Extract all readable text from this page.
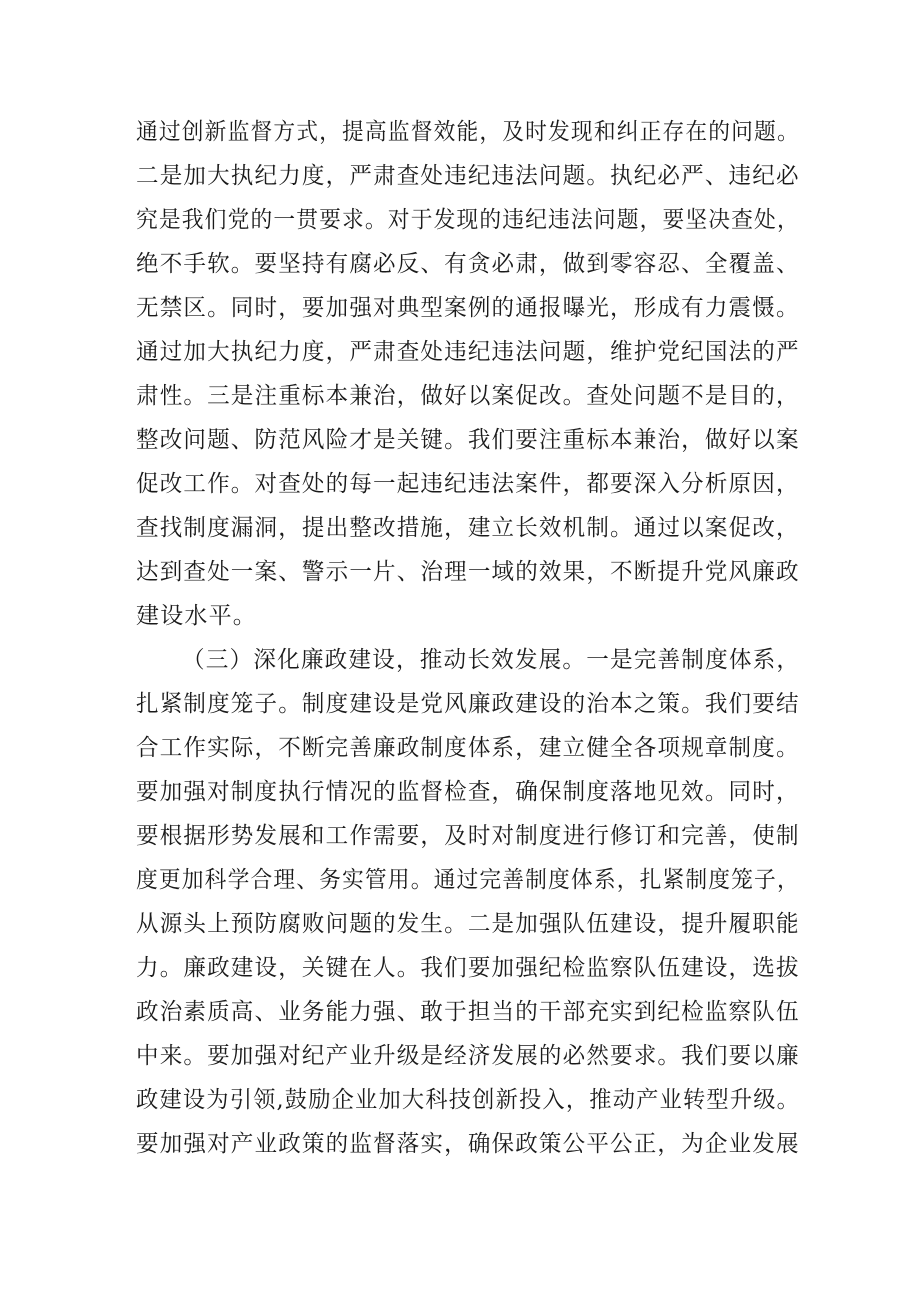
通过创新监督方式，提高监督效能，及时发现和纠正存在的问题。
二是加大执纪力度，严肃查处违纪违法问题。执纪必严、违纪必
究是我们党的一贯要求。对于发现的违纪违法问题，要坚决查处，
绝不手软。要坚持有腐必反、有贪必肃，做到零容忍、全覆盖、
无禁区。同时，要加强对典型案例的通报曝光，形成有力震慑。
通过加大执纪力度，严肃查处违纪违法问题，维护党纪国法的严
肃性。三是注重标本兼治，做好以案促改。查处问题不是目的，
整改问题、防范风险才是关键。我们要注重标本兼治，做好以案
促改工作。对查处的每一起违纪违法案件，都要深入分析原因，
查找制度漏洞，提出整改措施，建立长效机制。通过以案促改，
达到查处一案、警示一片、治理一域的效果，不断提升党风廉政
建设水平。
（三）深化廉政建设，推动长效发展。一是完善制度体系，
扎紧制度笼子。制度建设是党风廉政建设的治本之策。我们要结
合工作实际，不断完善廉政制度体系，建立健全各项规章制度。
要加强对制度执行情况的监督检查，确保制度落地见效。同时，
要根据形势发展和工作需要，及时对制度进行修订和完善，使制
度更加科学合理、务实管用。通过完善制度体系，扎紧制度笼子，
从源头上预防腐败问题的发生。二是加强队伍建设，提升履职能
力。廉政建设，关键在人。我们要加强纪检监察队伍建设，选拔
政治素质高、业务能力强、敢于担当的干部充实到纪检监察队伍
中来。要加强对纪产业升级是经济发展的必然要求。我们要以廉
政建设为引领,鼓励企业加大科技创新投入，推动产业转型升级。
要加强对产业政策的监督落实，确保政策公平公正，为企业发展
